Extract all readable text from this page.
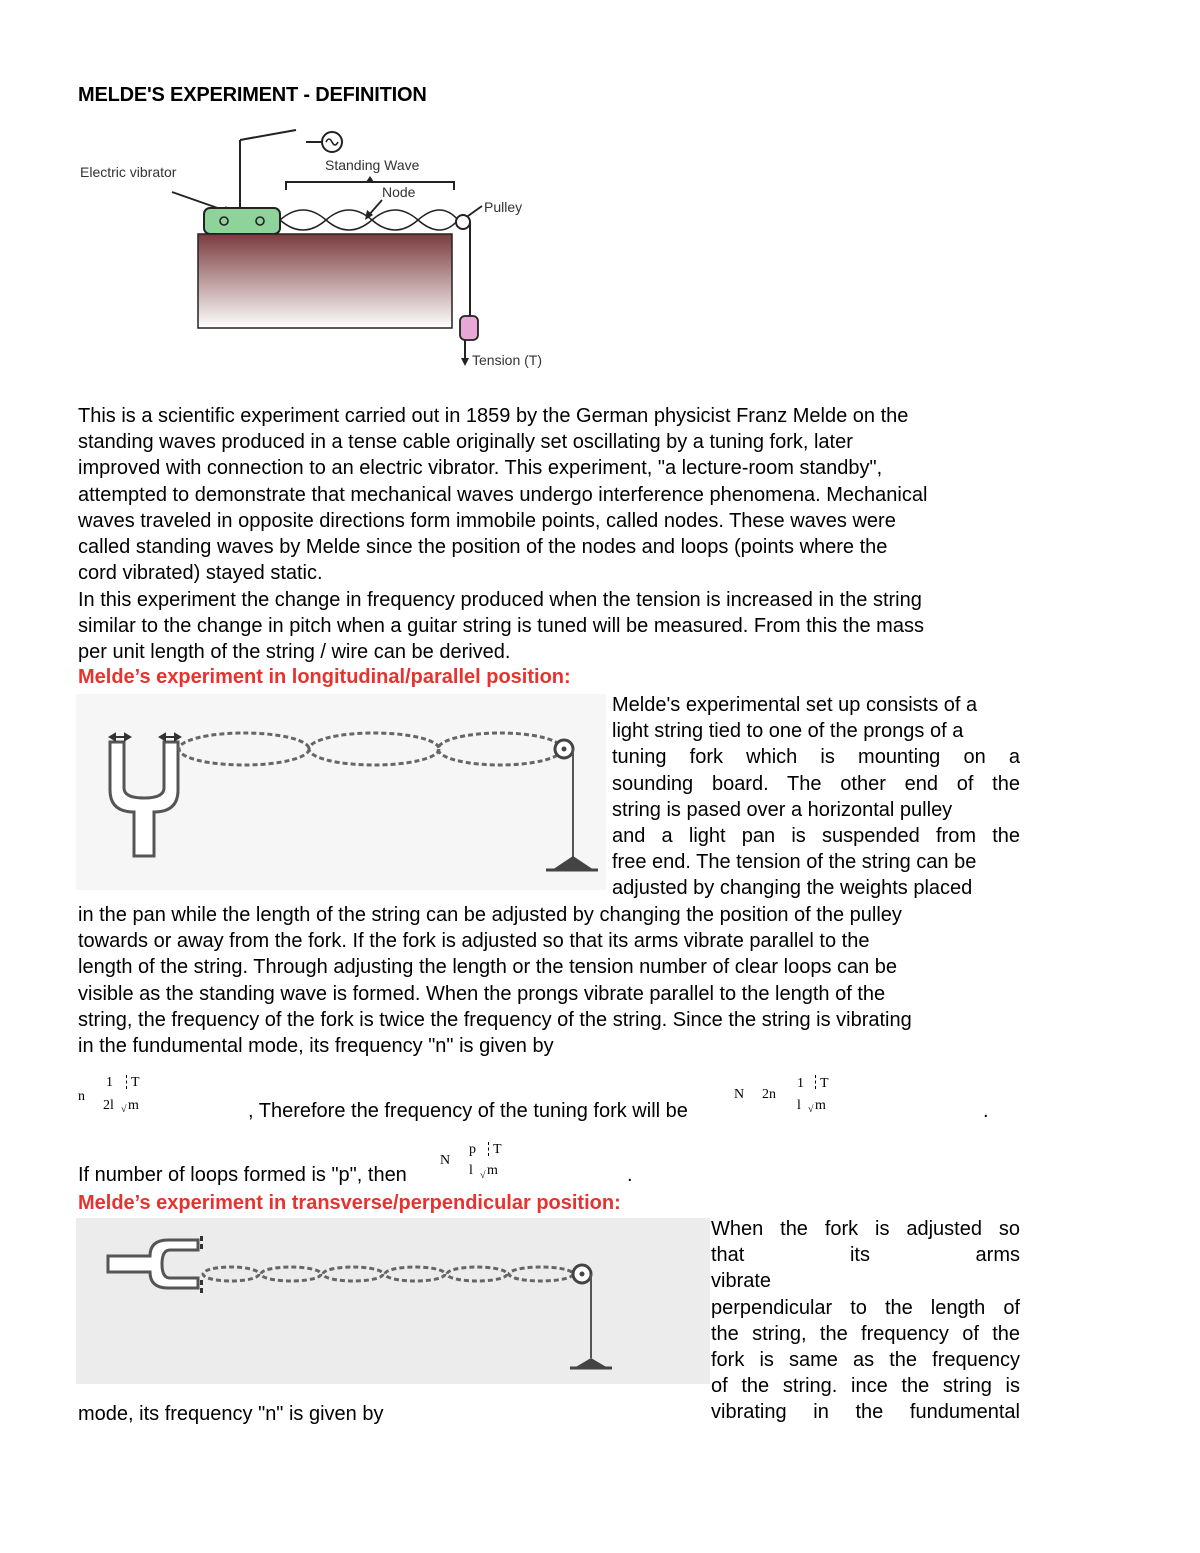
MELDE'S EXPERIMENT - DEFINITION
Electric vibrator	Standing Wave
Node
Pulley
Tension (T)
This is a scientific experiment carried out in 1859 by the German physicist Franz Melde on the
standing waves produced in a tense cable originally set oscillating by a tuning fork, later
improved with connection to an electric vibrator. This experiment, "a lecture-room standby",
attempted to demonstrate that mechanical waves undergo interference phenomena. Mechanical
waves traveled in opposite directions form immobile points, called nodes. These waves were
called standing waves by Melde since the position of the nodes and loops (points where the
cord vibrated) stayed static.
In this experiment the change in frequency produced when the tension is increased in the string
similar to the change in pitch when a guitar string is tuned will be measured. From this the mass
per unit length of the string / wire can be derived.
Melde’s experiment in longitudinal/parallel position:
Melde's experimental set up consists of a
light string tied to one of the prongs of a
tuning fork which is mounting on a
sounding board. The other end of the
string is pased over a horizontal pulley
and a light pan is suspended from the
free end. The tension of the string can be
adjusted by changing the weights placed
in the pan while the length of the string can be adjusted by changing the position of the pulley
towards or away from the fork. If the fork is adjusted so that its arms vibrate parallel to the
length of the string. Through adjusting the length or the tension number of clear loops can be
visible as the standing wave is formed. When the prongs vibrate parallel to the length of the
string, the frequency of the fork is twice the frequency of the string. Since the string is vibrating
in the fundumental mode, its frequency "n" is given by
n
1
2l
T
√ m	, Therefore the frequency of the tuning fork will be
N 2n
1
l
T
√ m	.
If number of loops formed is "p", then
N
p
l
T
√ m	.
Melde’s experiment in transverse/perpendicular position:
When the fork is adjusted so
that its arms vibrate
perpendicular to the length of
the string, the frequency of the
fork is same as the frequency
of the string. ince the string is
vibrating in the fundumental
mode, its frequency "n" is given by
